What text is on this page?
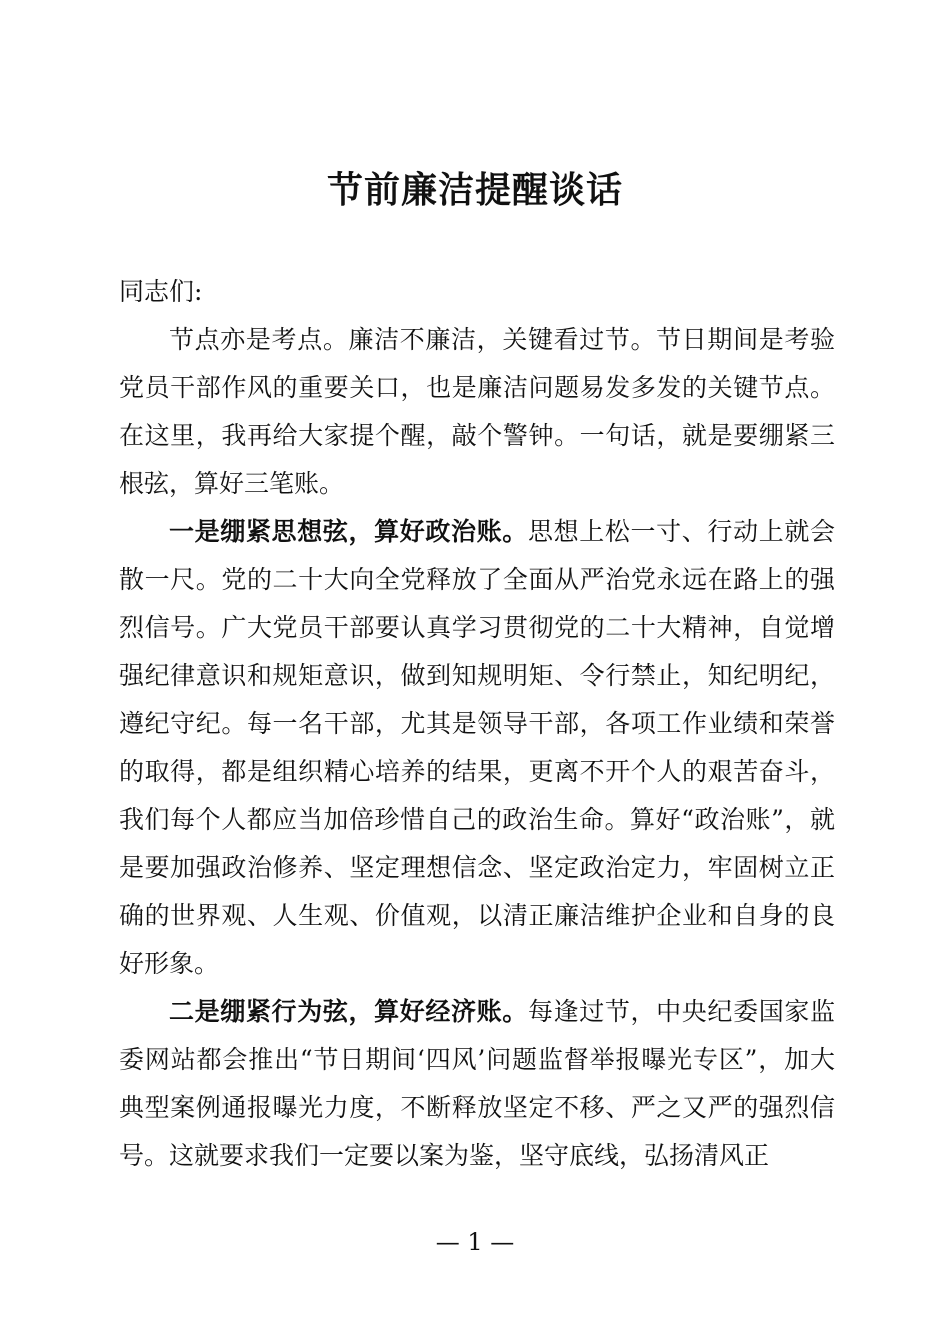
节前廉洁提醒谈话

同志们:

节点亦是考点。廉洁不廉洁，关键看过节。节日期间是考验党员干部作风的重要关口，也是廉洁问题易发多发的关键节点。在这里，我再给大家提个醒，敲个警钟。一句话，就是要绷紧三根弦，算好三笔账。

一是绷紧思想弦，算好政治账。思想上松一寸、行动上就会散一尺。党的二十大向全党释放了全面从严治党永远在路上的强烈信号。广大党员干部要认真学习贯彻党的二十大精神，自觉增强纪律意识和规矩意识，做到知规明矩、令行禁止，知纪明纪，遵纪守纪。每一名干部，尤其是领导干部，各项工作业绩和荣誉的取得，都是组织精心培养的结果，更离不开个人的艰苦奋斗，我们每个人都应当加倍珍惜自己的政治生命。算好“政治账”，就是要加强政治修养、坚定理想信念、坚定政治定力，牢固树立正确的世界观、人生观、价值观，以清正廉洁维护企业和自身的良好形象。

二是绷紧行为弦，算好经济账。每逢过节，中央纪委国家监委网站都会推出“节日期间‘四风’问题监督举报曝光专区”，加大典型案例通报曝光力度，不断释放坚定不移、严之又严的强烈信号。这就要求我们一定要以案为鉴，坚守底线，弘扬清风正

— 1 —
